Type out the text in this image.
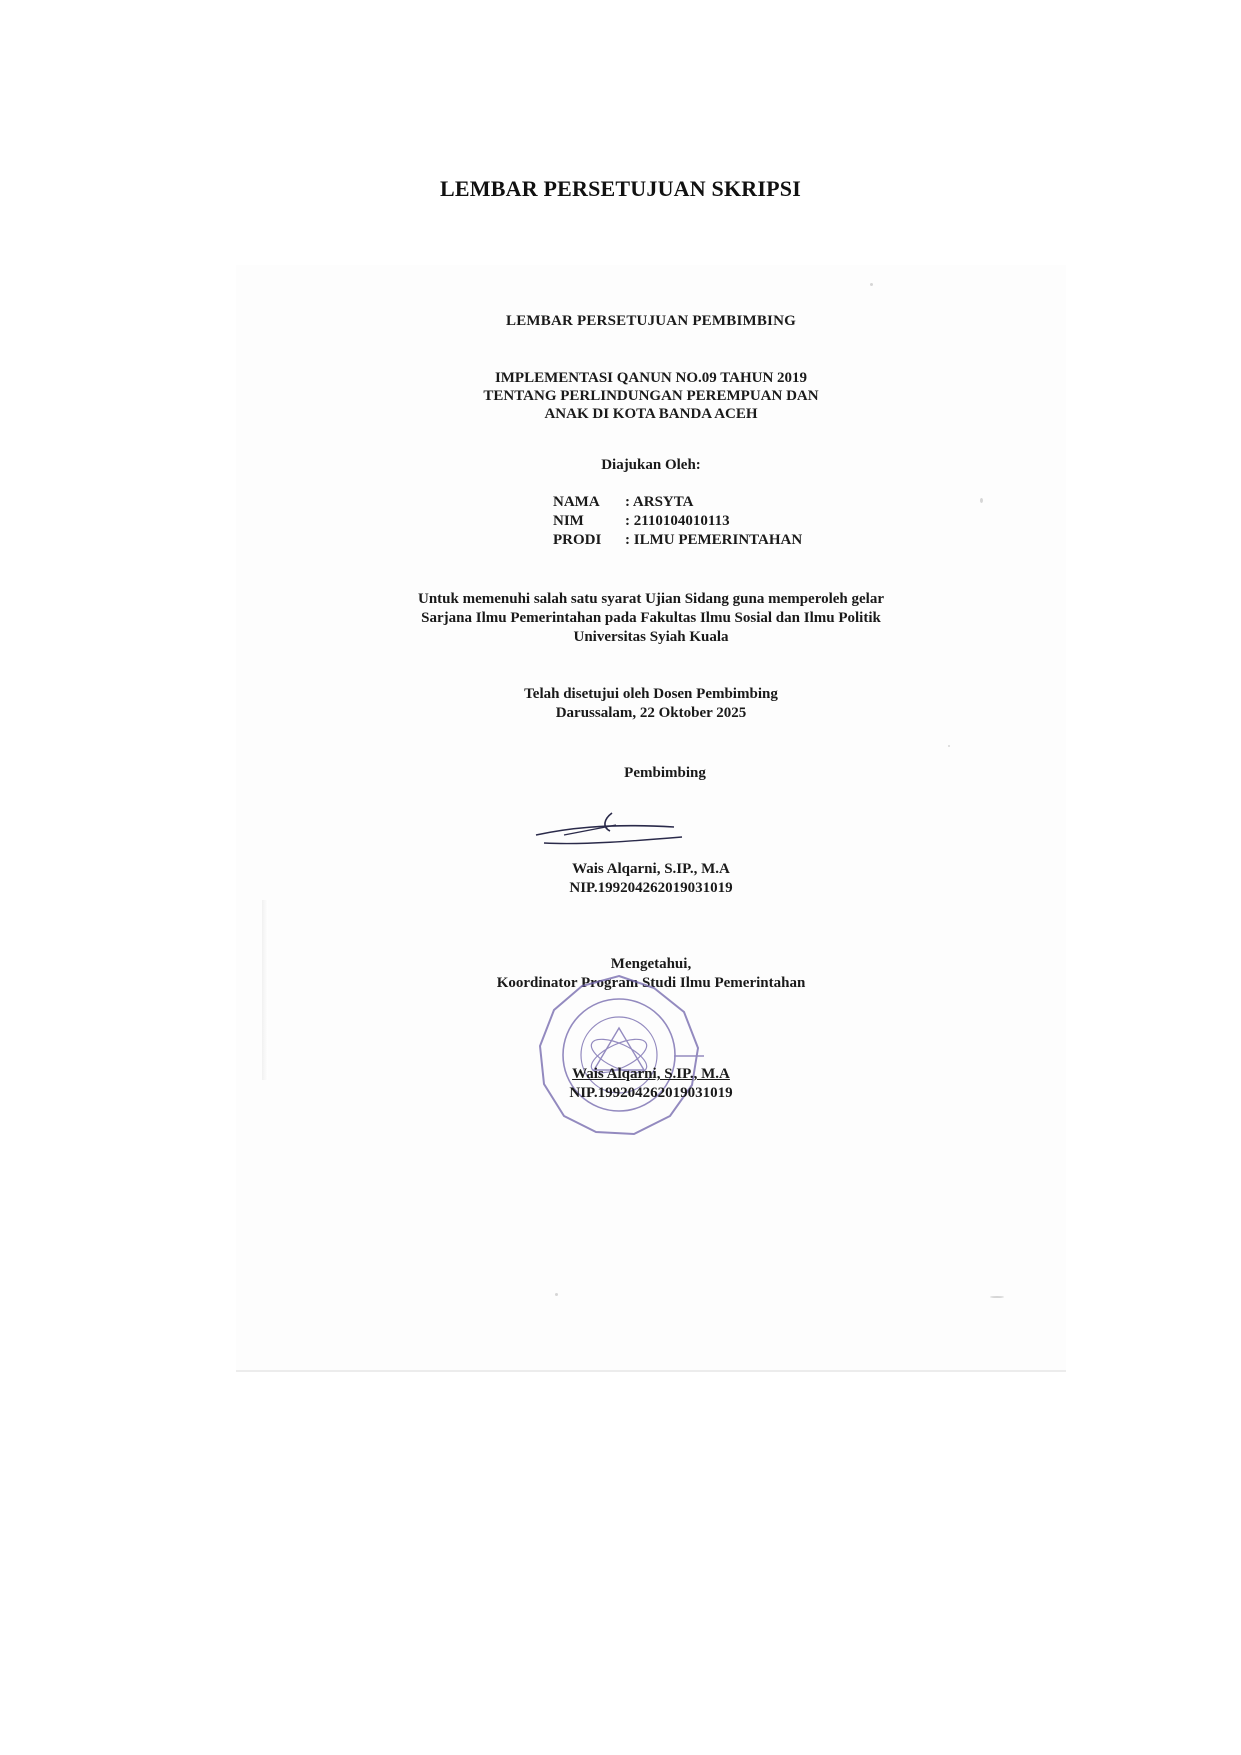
LEMBAR PERSETUJUAN SKRIPSI
LEMBAR PERSETUJUAN PEMBIMBING
IMPLEMENTASI QANUN NO.09 TAHUN 2019
TENTANG PERLINDUNGAN PEREMPUAN DAN
ANAK DI KOTA BANDA ACEH
Diajukan Oleh:
NAMA	: ARSYTA
NIM	: 2110104010113
PRODI	: ILMU PEMERINTAHAN
Untuk memenuhi salah satu syarat Ujian Sidang guna memperoleh gelar
Sarjana Ilmu Pemerintahan pada Fakultas Ilmu Sosial dan Ilmu Politik
Universitas Syiah Kuala
Telah disetujui oleh Dosen Pembimbing
Darussalam, 22 Oktober 2025
Pembimbing
Wais Alqarni, S.IP., M.A
NIP.199204262019031019
Mengetahui,
Koordinator Program Studi Ilmu Pemerintahan
Wais Alqarni, S.IP., M.A
NIP.199204262019031019
